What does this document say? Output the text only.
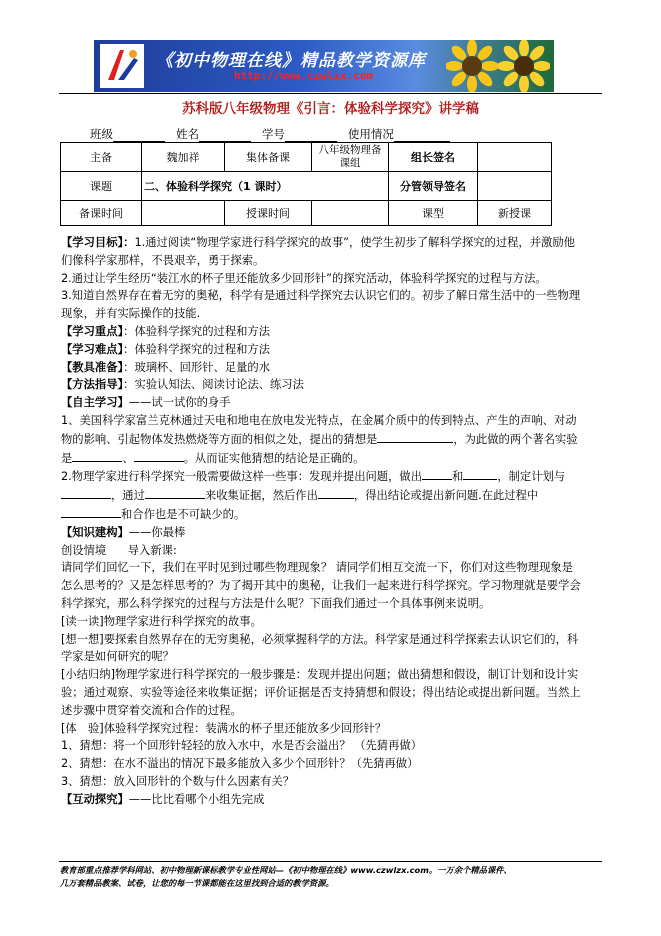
《初中物理在线》精品教学资源库
http://www.czwlzx.com
苏科版八年级物理《引言：体验科学探究》讲学稿
班级	姓名	学号	使用情况
主备	魏加祥	集体备课	八年级物理备课组	组长签名	
课题	二、体验科学探究（1 课时）			分管领导签名	
备课时间		授课时间		课型	新授课

【学习目标】：1.通过阅读“物理学家进行科学探究的故事”，使学生初步了解科学探究的过程，并激励他们像科学家那样，不畏艰辛，勇于探索。

2.通过让学生经历“装江水的杯子里还能放多少回形针”的探究活动，体验科学探究的过程与方法。

3.知道自然界存在着无穷的奥秘，科学有是通过科学探究去认识它们的。初步了解日常生活中的一些物理现象，并有实际操作的技能.

【学习重点】：体验科学探究的过程和方法

【学习难点】：体验科学探究的过程和方法

【教具准备】：玻璃杯、回形针、足量的水

【方法指导】：实验认知法、阅读讨论法、练习法

【自主学习】——试一试你的身手

1、美国科学家富兰克林通过天电和地电在放电发光特点，在金属介质中的传到特点、产生的声响、对动物的影响、引起物体发热燃烧等方面的相似之处，提出的猜想是	，为此做的两个著名实验是	、	。从而证实他猜想的结论是正确的。

2.物理学家进行科学探究一般需要做这样一些事：发现并提出问题，做出	和	，制定计划与，通过	来收集证据，然后作出	，得出结论或提出新问题.在此过程中和合作也是不可缺少的。

【知识建构】——你最棒

创设情境 导入新课:

请同学们回忆一下，我们在平时见到过哪些物理现象？ 请同学们相互交流一下，你们对这些物理现象是怎么思考的？又是怎样思考的？为了揭开其中的奥秘，让我们一起来进行科学探究。学习物理就是要学会科学探究，那么科学探究的过程与方法是什么呢？下面我们通过一个具体事例来说明。

[读一读]物理学家进行科学探究的故事。

[想一想]要探索自然界存在的无穷奥秘，必须掌握科学的方法。科学家是通过科学探索去认识它们的，科学家是如何研究的呢？

[小结归纳]物理学家进行科学探究的一般步骤是：发现并提出问题；做出猜想和假设，制订计划和设计实验；通过观察、实验等途径来收集证据；评价证据是否支持猜想和假设；得出结论或提出新问题。当然上述步骤中贯穿着交流和合作的过程。

[体　验]体验科学探究过程：装满水的杯子里还能放多少回形针？

1、猜想：将一个回形针轻轻的放入水中，水是否会溢出？ （先猜再做）

2、猜想：在水不溢出的情况下最多能放入多少个回形针？（先猜再做）

3、猜想：放入回形针的个数与什么因素有关？

【互动探究】——比比看哪个小组先完成

教育部重点推荐学科网站、初中物理新课标教学专业性网站—《初中物理在线》www.czwlzx.com。一万余个精品课件、
几万套精品教案、试卷，让您的每一节课都能在这里找到合适的教学资源。
